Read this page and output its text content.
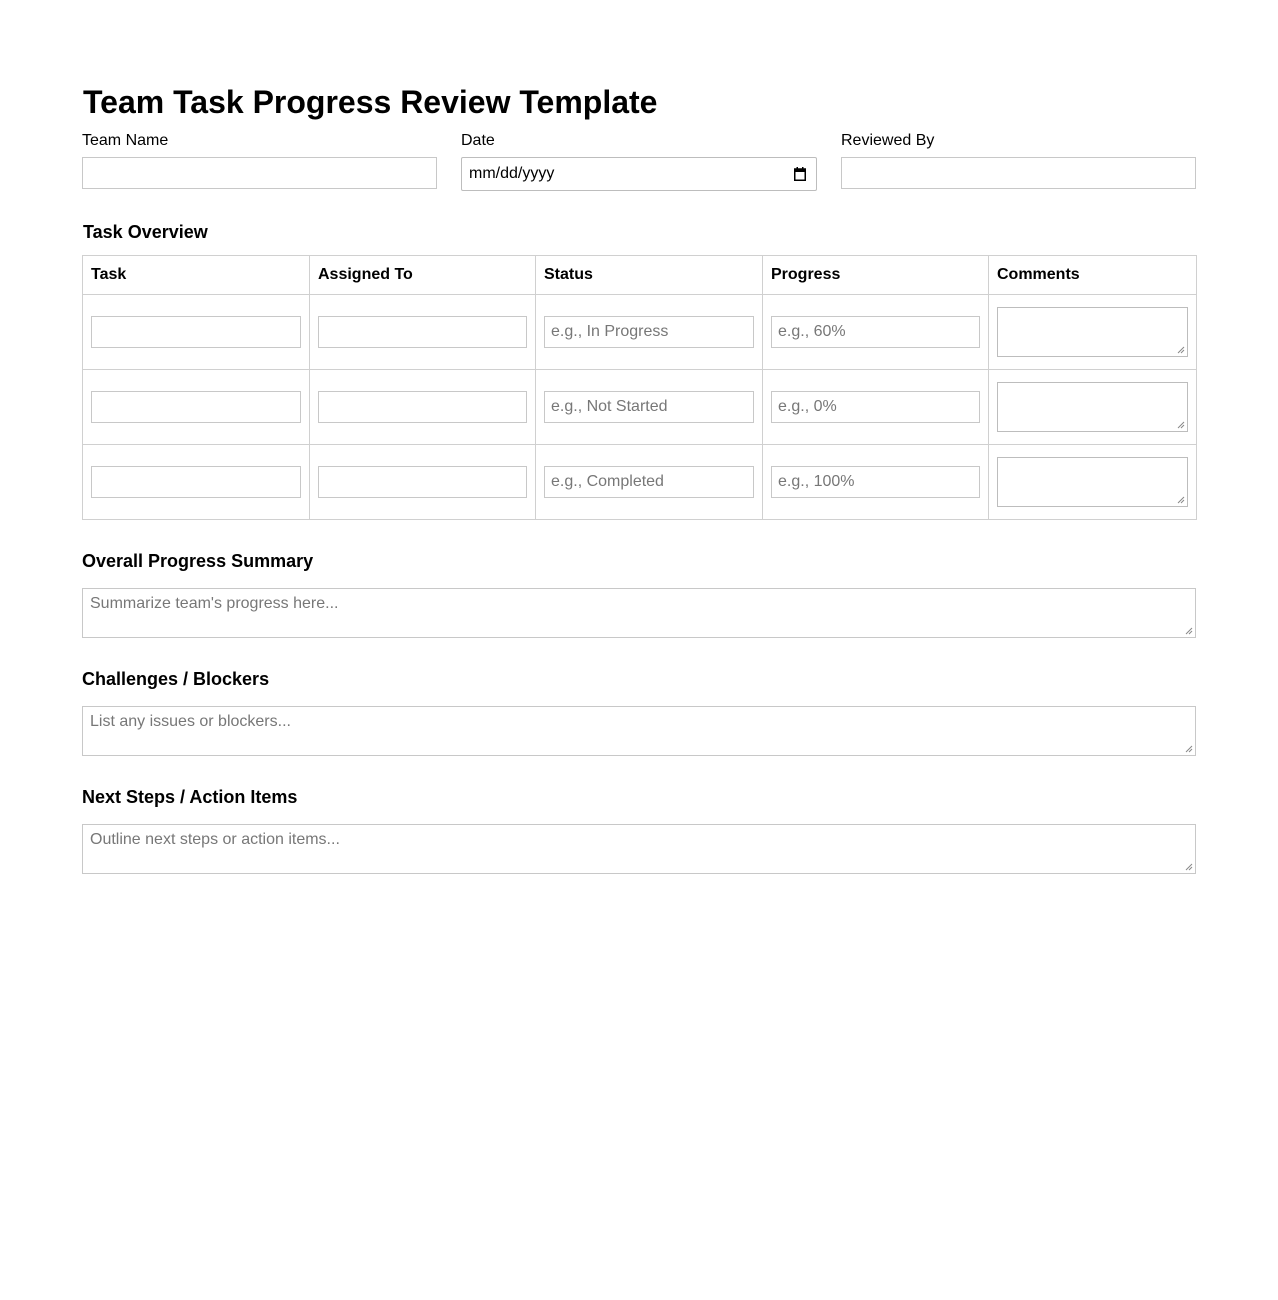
Team Task Progress Review Template
Team Name	Date
mm/dd/yyyy
Reviewed By
Task Overview
Task	Assigned To	Status	Progress	Comments
		e.g., In Progress	e.g., 60%	

		e.g., Not Started	e.g., 0%	

		e.g., Completed	e.g., 100%	
Overall Progress Summary
Summarize team's progress here...
Challenges / Blockers
List any issues or blockers...
Next Steps / Action Items
Outline next steps or action items...
